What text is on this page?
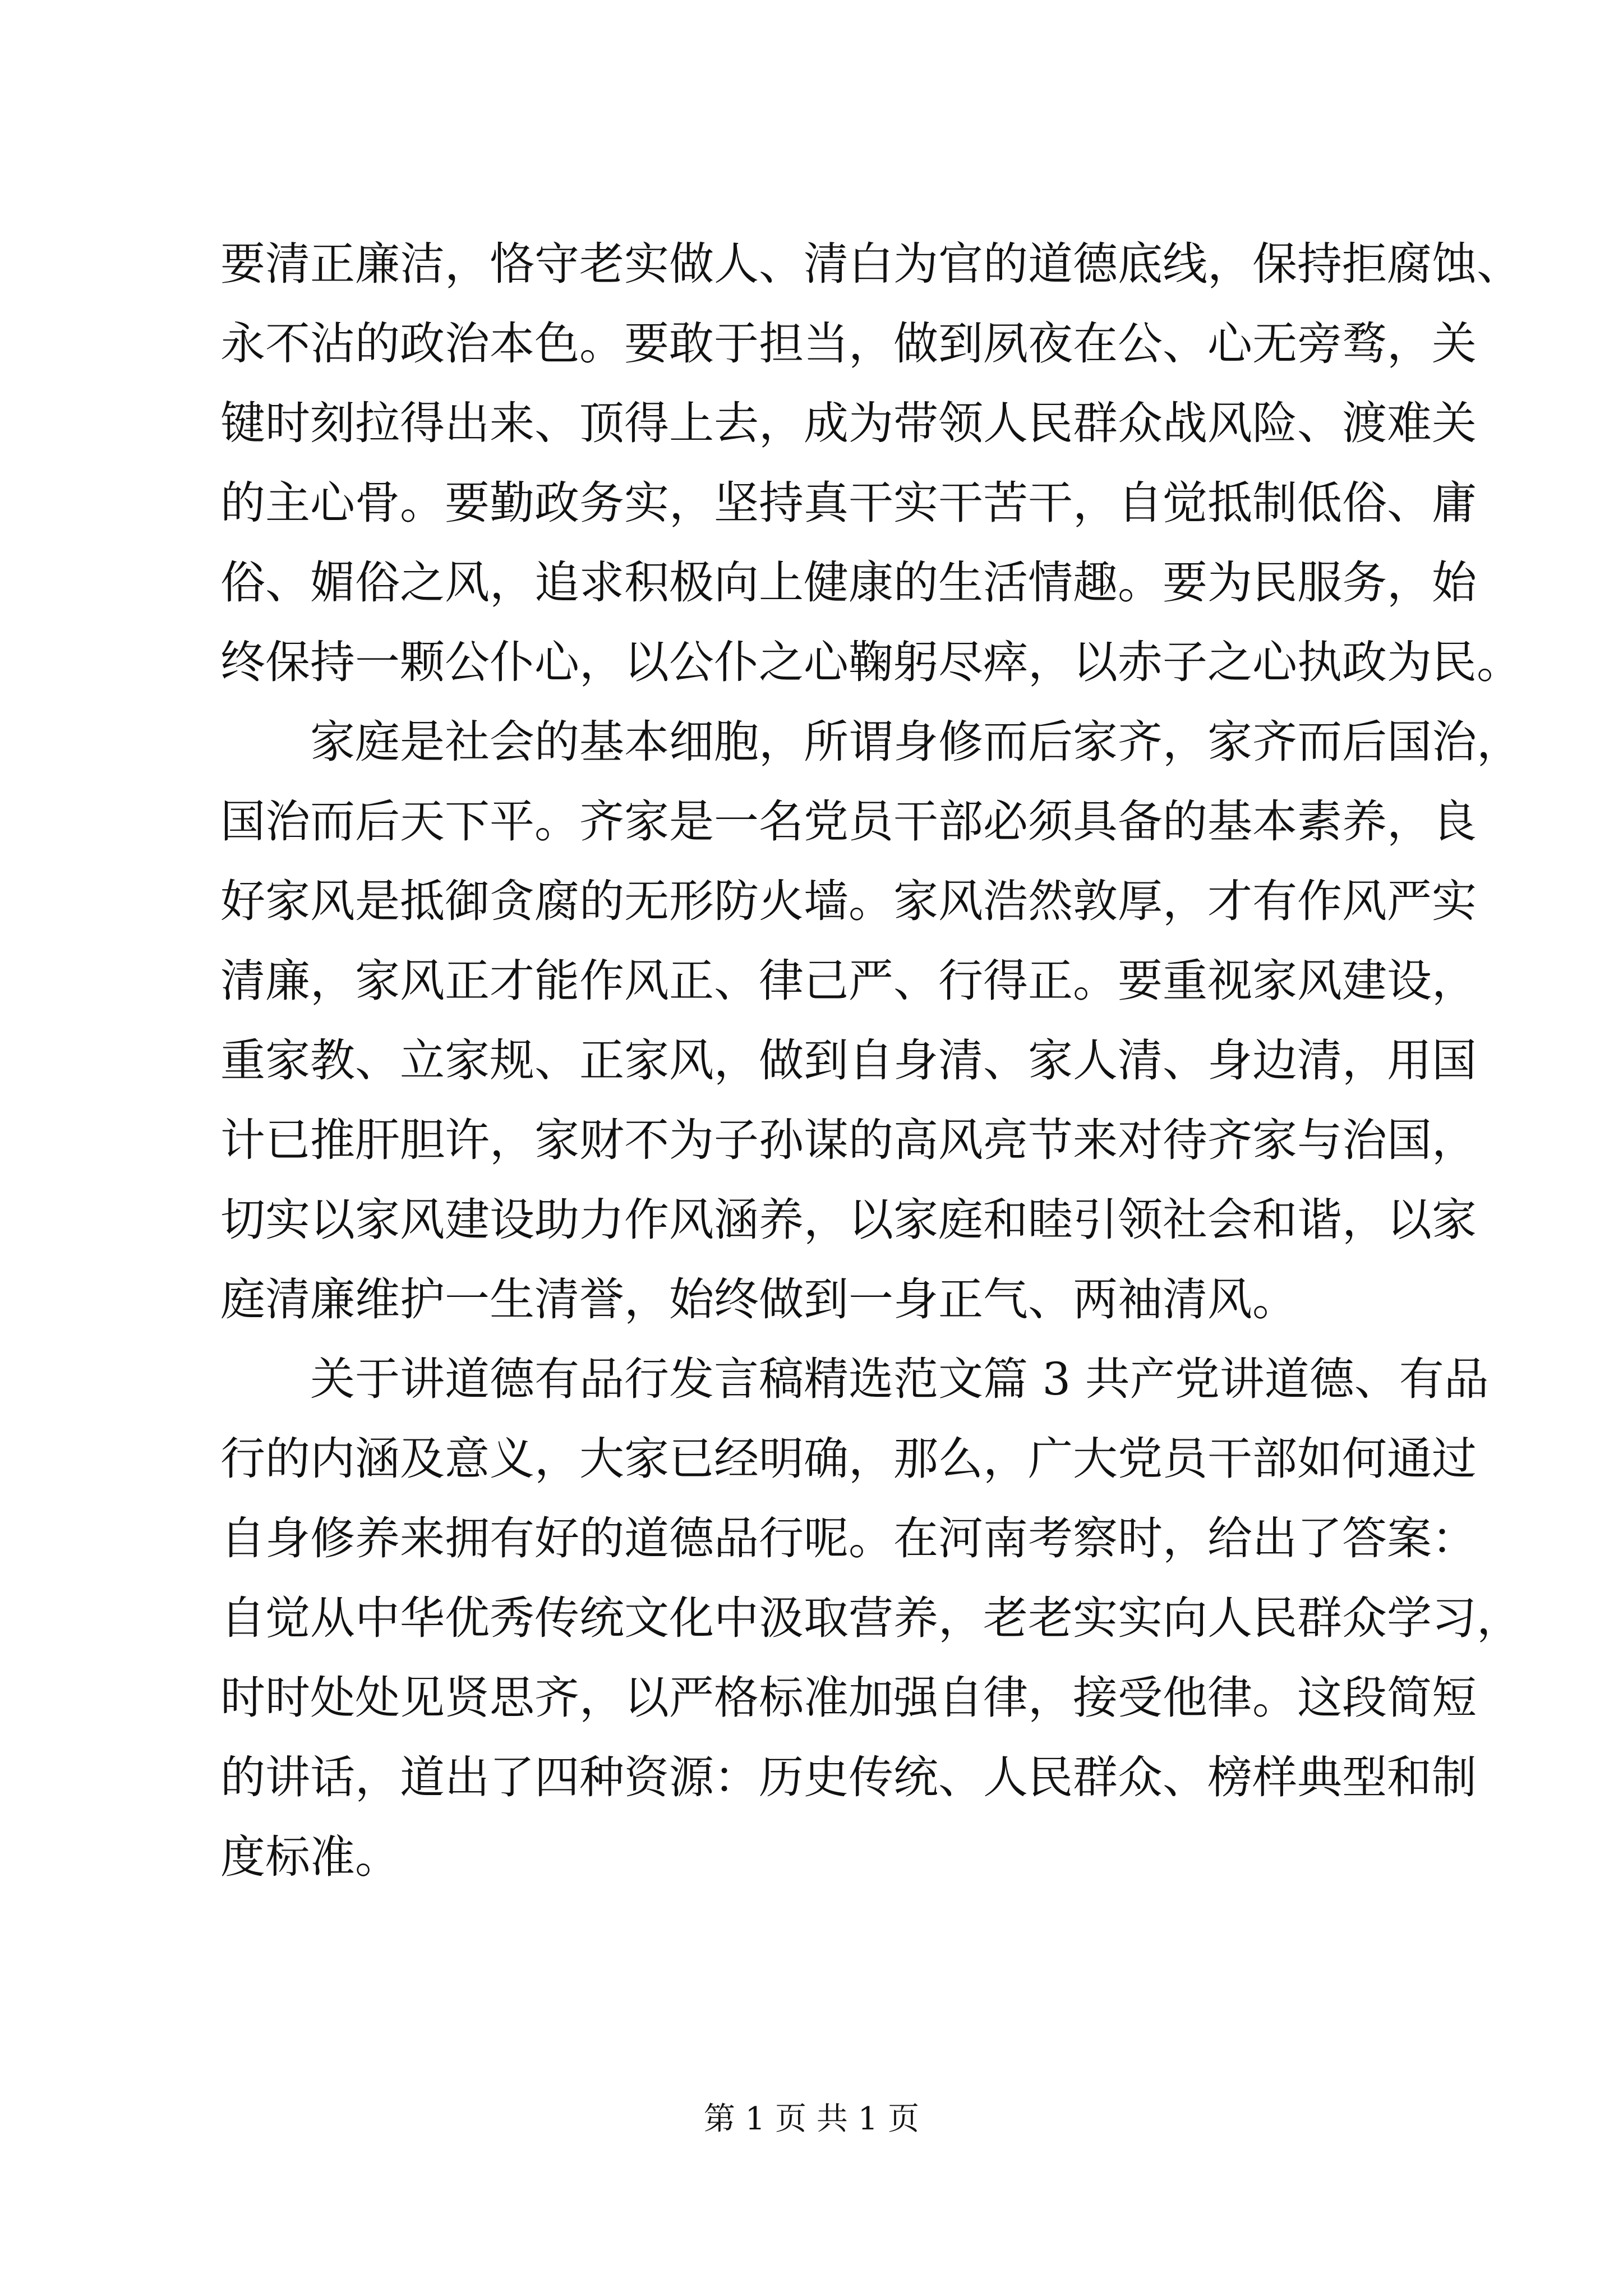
要清正廉洁，恪守老实做人、清白为官的道德底线，保持拒腐蚀、
永不沾的政治本色。要敢于担当，做到夙夜在公、心无旁骛，关
键时刻拉得出来、顶得上去，成为带领人民群众战风险、渡难关
的主心骨。要勤政务实，坚持真干实干苦干，自觉抵制低俗、庸
俗、媚俗之风，追求积极向上健康的生活情趣。要为民服务，始
终保持一颗公仆心，以公仆之心鞠躬尽瘁，以赤子之心执政为民。
家庭是社会的基本细胞，所谓身修而后家齐，家齐而后国治，
国治而后天下平。齐家是一名党员干部必须具备的基本素养，良
好家风是抵御贪腐的无形防火墙。家风浩然敦厚，才有作风严实
清廉，家风正才能作风正、律己严、行得正。要重视家风建设，
重家教、立家规、正家风，做到自身清、家人清、身边清，用国
计已推肝胆许，家财不为子孙谋的高风亮节来对待齐家与治国，
切实以家风建设助力作风涵养，以家庭和睦引领社会和谐，以家
庭清廉维护一生清誉，始终做到一身正气、两袖清风。
关于讲道德有品行发言稿精选范文篇 3 共产党讲道德、有品
行的内涵及意义，大家已经明确，那么，广大党员干部如何通过
自身修养来拥有好的道德品行呢。在河南考察时，给出了答案：
自觉从中华优秀传统文化中汲取营养，老老实实向人民群众学习，
时时处处见贤思齐，以严格标准加强自律，接受他律。这段简短
的讲话，道出了四种资源：历史传统、人民群众、榜样典型和制
度标准。
第 1 页 共 1 页
